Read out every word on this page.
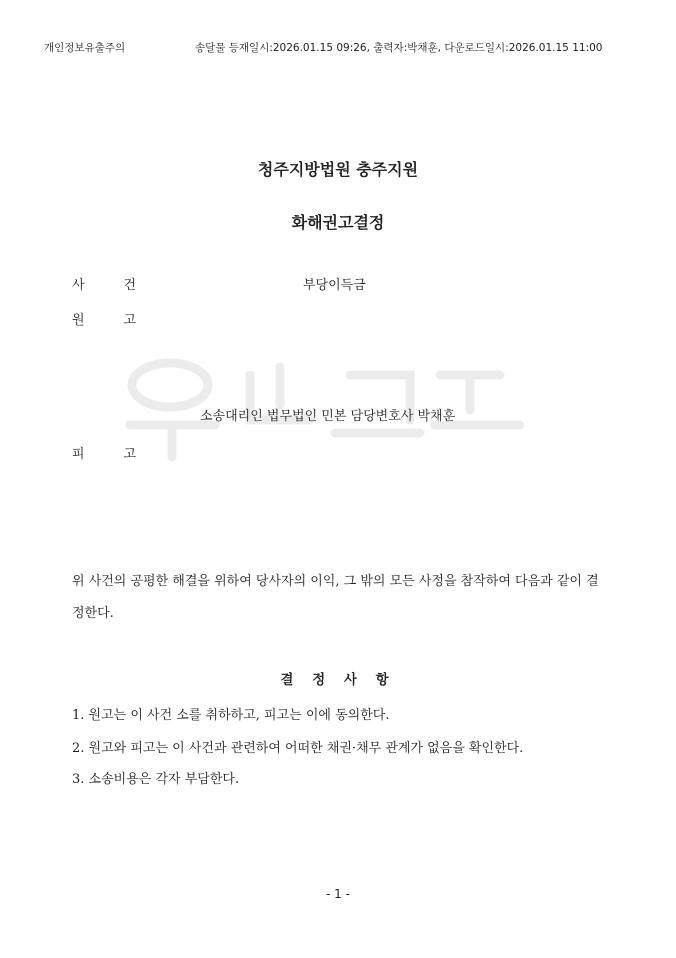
개인정보유출주의	송달물 등재일시:2026.01.15 09:26, 출력자:박채훈, 다운로드일시:2026.01.15 11:00
청주지방법원 충주지원
화해권고결정
사　　　건	부당이득금
원　　　고
소송대리인 법무법인 민본 담당변호사 박채훈
피　　　고
위 사건의 공평한 해결을 위하여 당사자의 이익, 그 밖의 모든 사정을 참작하여 다음과 같이 결정한다.
결 정 사 항
1. 원고는 이 사건 소를 취하하고, 피고는 이에 동의한다.
2. 원고와 피고는 이 사건과 관련하여 어떠한 채권·채무 관계가 없음을 확인한다.
3. 소송비용은 각자 부담한다.
- 1 -
